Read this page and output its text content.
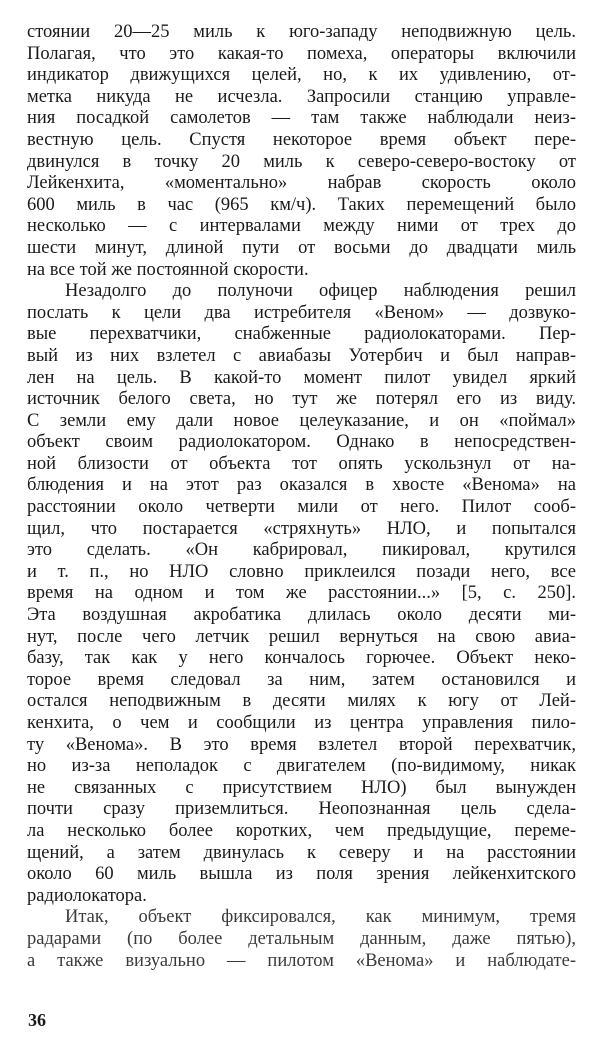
стоянии 20—25 миль к юго-западу неподвижную цель.
Полагая, что это какая-то помеха, операторы включили
индикатор движущихся целей, но, к их удивлению, от-
метка никуда не исчезла. Запросили станцию управле-
ния посадкой самолетов — там также наблюдали неиз-
вестную цель. Спустя некоторое время объект пере-
двинулся в точку 20 миль к северо-северо-востоку от
Лейкенхита, «моментально» набрав скорость около
600 миль в час (965 км/ч). Таких перемещений было
несколько — с интервалами между ними от трех до
шести минут, длиной пути от восьми до двадцати миль
на все той же постоянной скорости.
Незадолго до полуночи офицер наблюдения решил
послать к цели два истребителя «Веном» — дозвуко-
вые перехватчики, снабженные радиолокаторами. Пер-
вый из них взлетел с авиабазы Уотербич и был направ-
лен на цель. В какой-то момент пилот увидел яркий
источник белого света, но тут же потерял его из виду.
С земли ему дали новое целеуказание, и он «поймал»
объект своим радиолокатором. Однако в непосредствен-
ной близости от объекта тот опять ускользнул от на-
блюдения и на этот раз оказался в хвосте «Венома» на
расстоянии около четверти мили от него. Пилот сооб-
щил, что постарается «стряхнуть» НЛО, и попытался
это сделать. «Он кабрировал, пикировал, крутился
и т. п., но НЛО словно приклеился позади него, все
время на одном и том же расстоянии...» [5, с. 250].
Эта воздушная акробатика длилась около десяти ми-
нут, после чего летчик решил вернуться на свою авиа-
базу, так как у него кончалось горючее. Объект неко-
торое время следовал за ним, затем остановился и
остался неподвижным в десяти милях к югу от Лей-
кенхита, о чем и сообщили из центра управления пило-
ту «Венома». В это время взлетел второй перехватчик,
но из-за неполадок с двигателем (по-видимому, никак
не связанных с присутствием НЛО) был вынужден
почти сразу приземлиться. Неопознанная цель сдела-
ла несколько более коротких, чем предыдущие, переме-
щений, а затем двинулась к северу и на расстоянии
около 60 миль вышла из поля зрения лейкенхитского
радиолокатора.
Итак, объект фиксировался, как минимум, тремя
радарами (по более детальным данным, даже пятью),
а также визуально — пилотом «Венома» и наблюдате-
36
